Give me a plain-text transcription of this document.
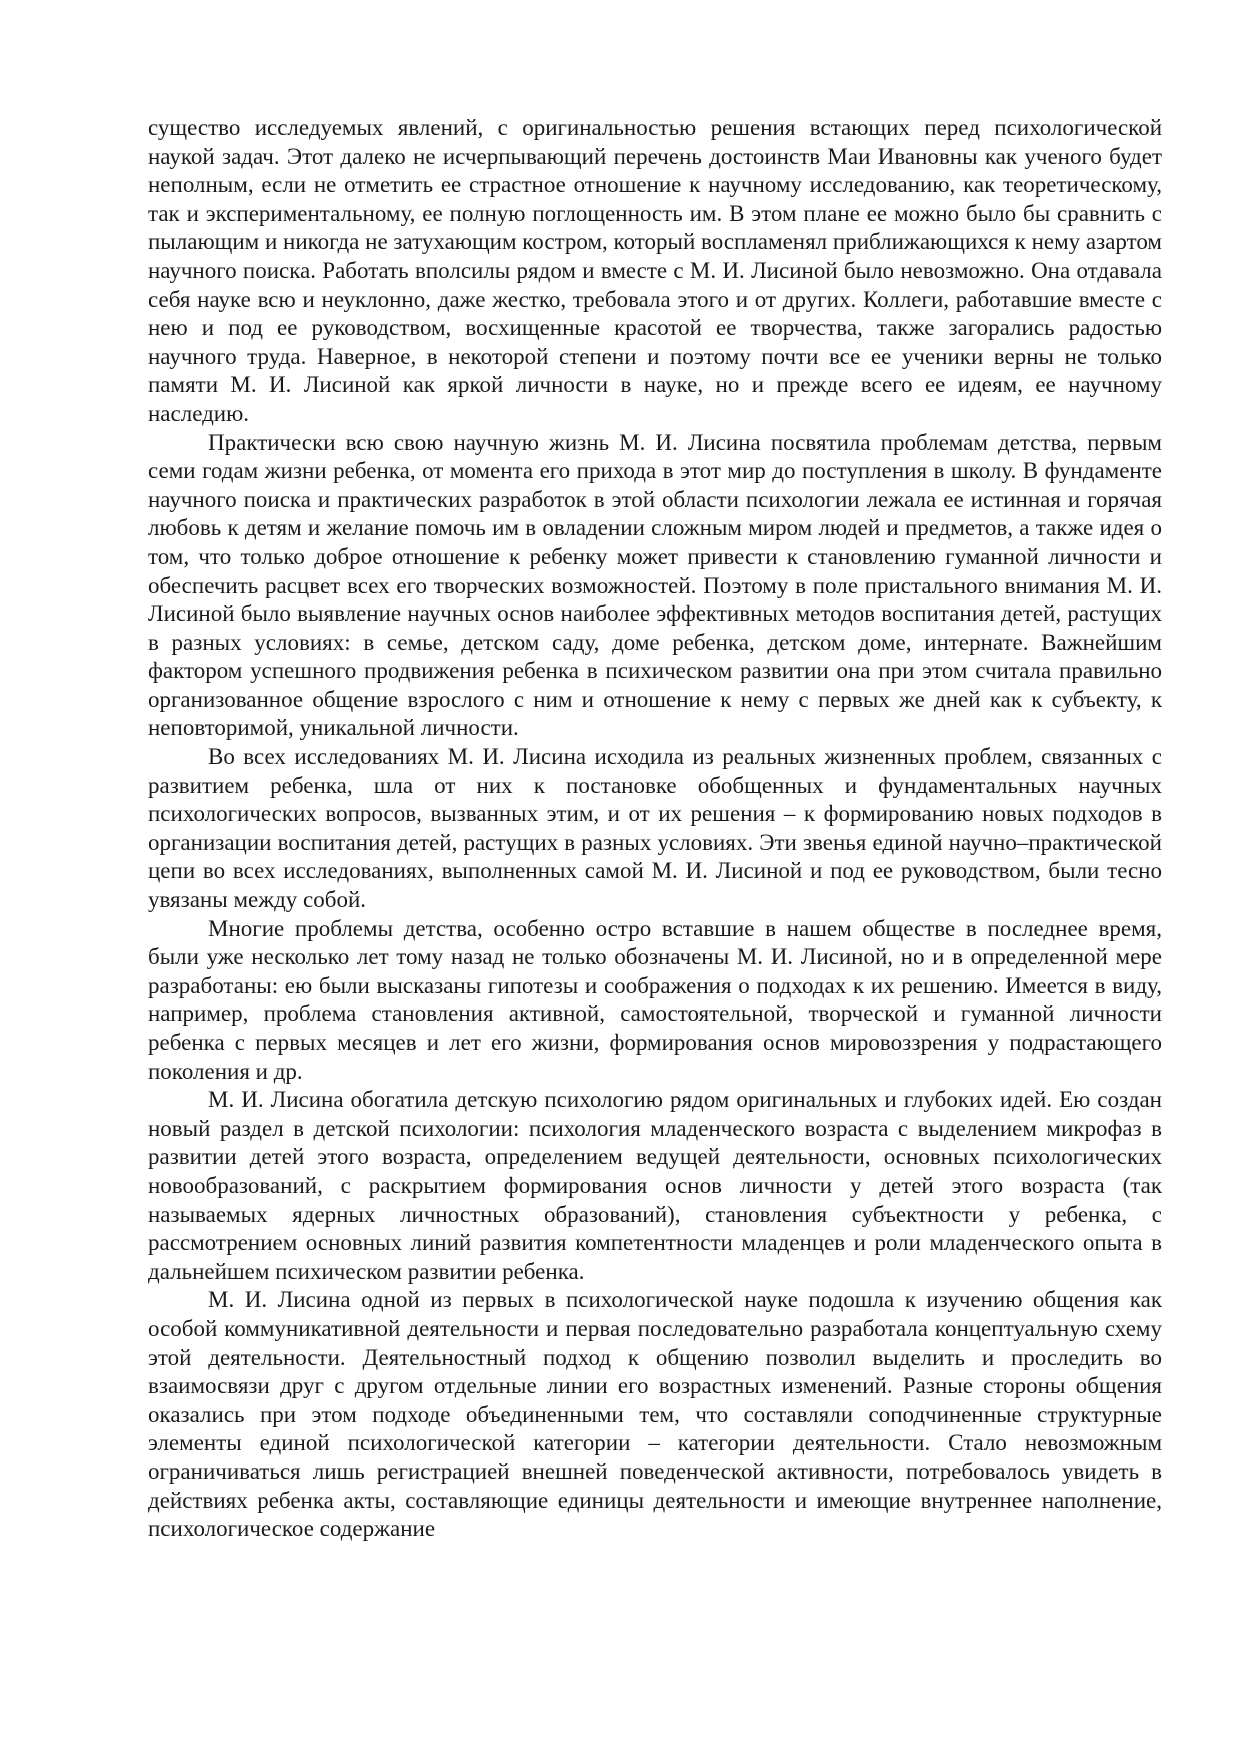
существо исследуемых явлений, с оригинальностью решения встающих перед психологической наукой задач. Этот далеко не исчерпывающий перечень достоинств Маи Ивановны как ученого будет неполным, если не отметить ее страстное отношение к научному исследованию, как теоретическому, так и экспериментальному, ее полную поглощенность им. В этом плане ее можно было бы сравнить с пылающим и никогда не затухающим костром, который воспламенял приближающихся к нему азартом научного поиска. Работать вполсилы рядом и вместе с М. И. Лисиной было невозможно. Она отдавала себя науке всю и неуклонно, даже жестко, требовала этого и от других. Коллеги, работавшие вместе с нею и под ее руководством, восхищенные красотой ее творчества, также загорались радостью научного труда. Наверное, в некоторой степени и поэтому почти все ее ученики верны не только памяти М. И. Лисиной как яркой личности в науке, но и прежде всего ее идеям, ее научному наследию.

Практически всю свою научную жизнь М. И. Лисина посвятила проблемам детства, первым семи годам жизни ребенка, от момента его прихода в этот мир до поступления в школу. В фундаменте научного поиска и практических разработок в этой области психологии лежала ее истинная и горячая любовь к детям и желание помочь им в овладении сложным миром людей и предметов, а также идея о том, что только доброе отношение к ребенку может привести к становлению гуманной личности и обеспечить расцвет всех его творческих возможностей. Поэтому в поле пристального внимания М. И. Лисиной было выявление научных основ наиболее эффективных методов воспитания детей, растущих в разных условиях: в семье, детском саду, доме ребенка, детском доме, интернате. Важнейшим фактором успешного продвижения ребенка в психическом развитии она при этом считала правильно организованное общение взрослого с ним и отношение к нему с первых же дней как к субъекту, к неповторимой, уникальной личности.

Во всех исследованиях М. И. Лисина исходила из реальных жизненных проблем, связанных с развитием ребенка, шла от них к постановке обобщенных и фундаментальных научных психологических вопросов, вызванных этим, и от их решения – к формированию новых подходов в организации воспитания детей, растущих в разных условиях. Эти звенья единой научно–практической цепи во всех исследованиях, выполненных самой М. И. Лисиной и под ее руководством, были тесно увязаны между собой.

Многие проблемы детства, особенно остро вставшие в нашем обществе в последнее время, были уже несколько лет тому назад не только обозначены М. И. Лисиной, но и в определенной мере разработаны: ею были высказаны гипотезы и соображения о подходах к их решению. Имеется в виду, например, проблема становления активной, самостоятельной, творческой и гуманной личности ребенка с первых месяцев и лет его жизни, формирования основ мировоззрения у подрастающего поколения и др.

М. И. Лисина обогатила детскую психологию рядом оригинальных и глубоких идей. Ею создан новый раздел в детской психологии: психология младенческого возраста с выделением микрофаз в развитии детей этого возраста, определением ведущей деятельности, основных психологических новообразований, с раскрытием формирования основ личности у детей этого возраста (так называемых ядерных личностных образований), становления субъектности у ребенка, с рассмотрением основных линий развития компетентности младенцев и роли младенческого опыта в дальнейшем психическом развитии ребенка.

М. И. Лисина одной из первых в психологической науке подошла к изучению общения как особой коммуникативной деятельности и первая последовательно разработала концептуальную схему этой деятельности. Деятельностный подход к общению позволил выделить и проследить во взаимосвязи друг с другом отдельные линии его возрастных изменений. Разные стороны общения оказались при этом подходе объединенными тем, что составляли соподчиненные структурные элементы единой психологической категории – категории деятельности. Стало невозможным ограничиваться лишь регистрацией внешней поведенческой активности, потребовалось увидеть в действиях ребенка акты, составляющие единицы деятельности и имеющие внутреннее наполнение, психологическое содержание
